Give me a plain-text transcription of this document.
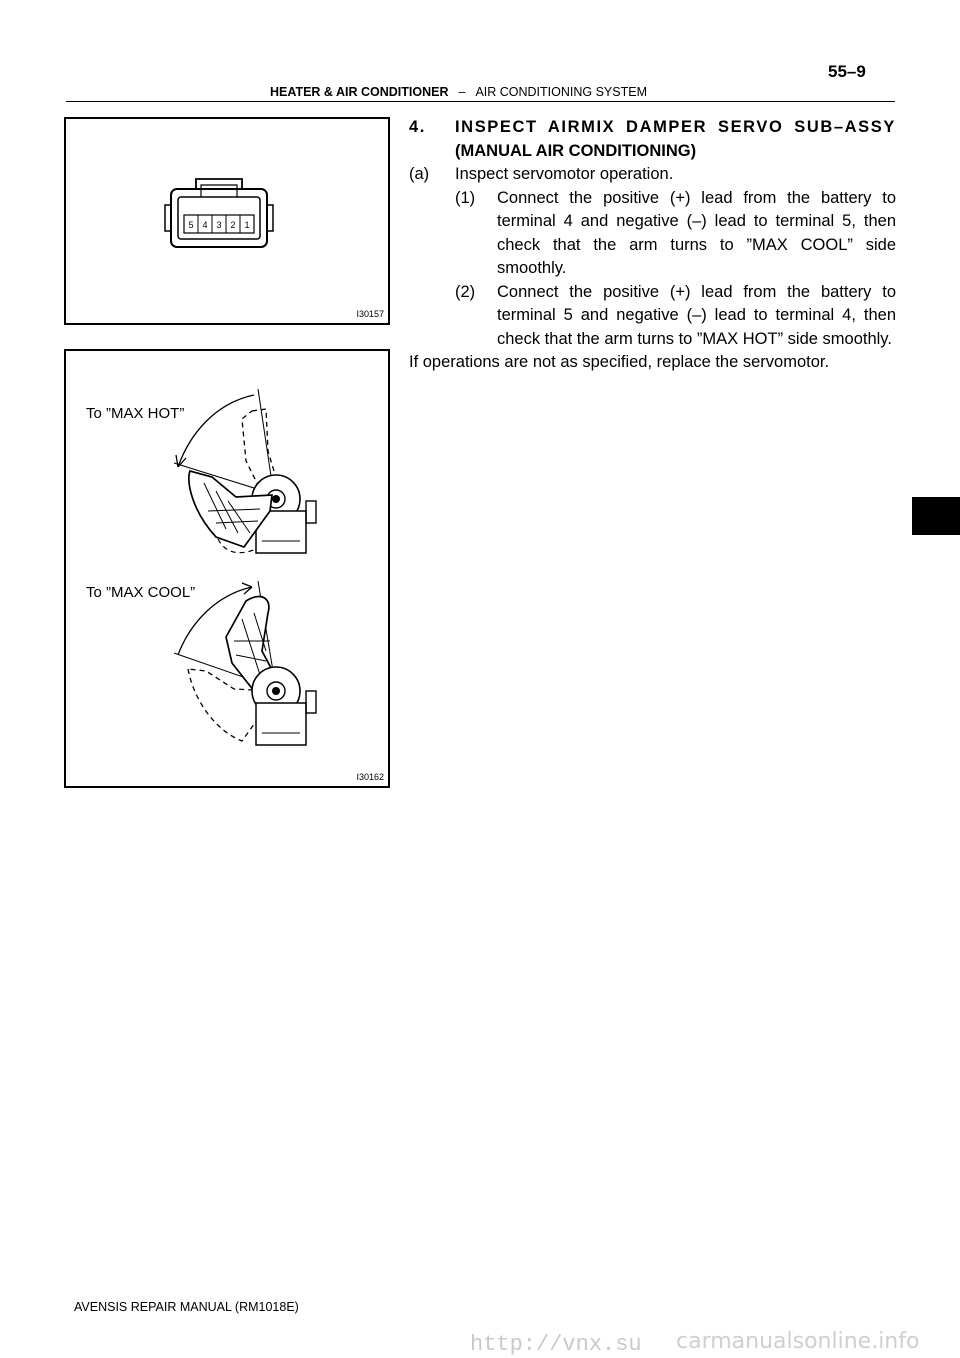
55–9
HEATER & AIR CONDITIONER – AIR CONDITIONING SYSTEM
5 4 3 2 1
I30157
To ”MAX HOT”
To ”MAX COOL”
I30162
4.	INSPECT AIRMIX DAMPER SERVO SUB–ASSY
(MANUAL AIR CONDITIONING)
(a)	Inspect servomotor operation.
(1)	Connect the positive (+) lead from the battery to terminal 4 and negative (–) lead to terminal 5, then check that the arm turns to ”MAX COOL” side smoothly.
(2)	Connect the positive (+) lead from the battery to terminal 5 and negative (–) lead to terminal 4, then check that the arm turns to ”MAX HOT” side smoothly.
If operations are not as specified, replace the servomotor.
AVENSIS REPAIR MANUAL (RM1018E)
http://vnx.su carmanualsonline.info
